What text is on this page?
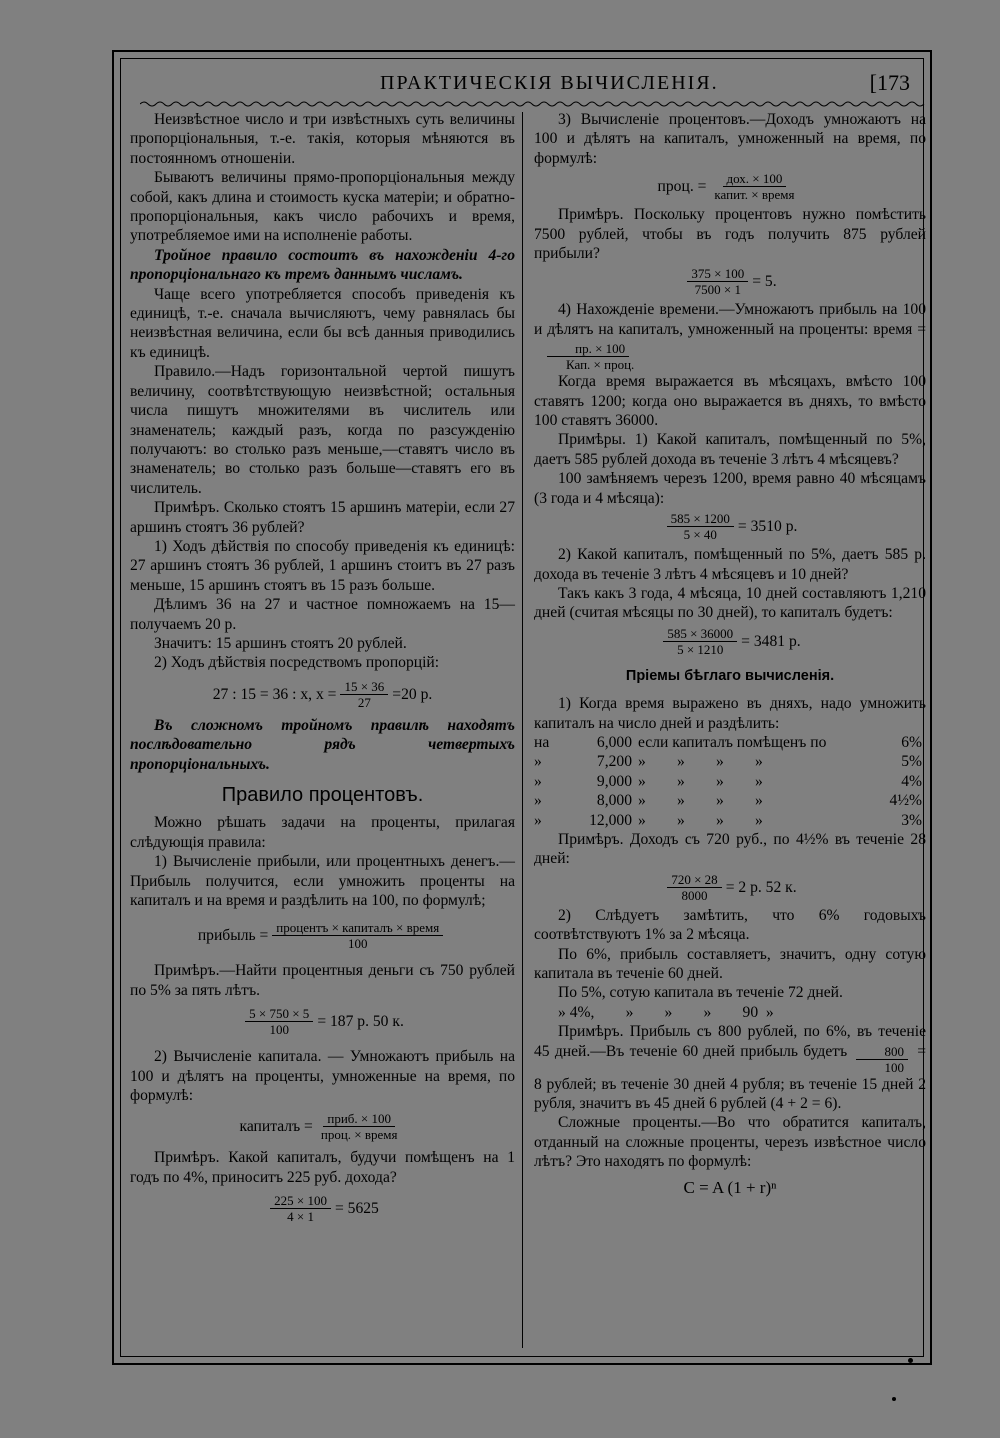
ПРАКТИЧЕСКІЯ ВЫЧИСЛЕНІЯ.	[173

Неизвѣстное число и три извѣстныхъ суть величины пропорціональныя, т.-е. такія, которыя мѣняются въ постоянномъ отношеніи.

Бываютъ величины прямо-пропорціональныя между собой, какъ длина и стоимость куска матеріи; и обратно-пропорціональныя, какъ число рабочихъ и время, употребляемое ими на исполненіе работы.

Тройное правило состоитъ въ нахожденіи 4-го пропорціональнаго къ тремъ даннымъ числамъ.

Чаще всего употребляется способъ приведенія къ единицѣ, т.-е. сначала вычисляютъ, чему равнялась бы неизвѣстная величина, если бы всѣ данныя приводились къ единицѣ.

Правило.—Надъ горизонтальной чертой пишутъ величину, соотвѣтствующую неизвѣстной; остальныя числа пишутъ множителями въ числитель или знаменатель; каждый разъ, когда по разсужденію получаютъ: во столько разъ меньше,—ставятъ число въ знаменатель; во столько разъ больше—ставятъ его въ числитель.

Примѣръ. Сколько стоятъ 15 аршинъ матеріи, если 27 аршинъ стоятъ 36 рублей?

1) Ходъ дѣйствія по способу приведенія къ единицѣ: 27 аршинъ стоятъ 36 рублей, 1 аршинъ стоитъ въ 27 разъ меньше, 15 аршинъ стоятъ въ 15 разъ больше.

Дѣлимъ 36 на 27 и частное помножаемъ на 15—получаемъ 20 р.

Значитъ: 15 аршинъ стоятъ 20 рублей.

2) Ходъ дѣйствія посредствомъ пропорцій:

27 : 15 = 36 : x, $x = \frac{15 \times 36}{27} =20$ р.

Въ сложномъ тройномъ правилѣ находятъ послѣдовательно рядъ четвертыхъ пропорціональныхъ.

Правило процентовъ.

Можно рѣшать задачи на проценты, прилагая слѣдующія правила:

1) Вычисленіе прибыли, или процентныхъ денегъ.—Прибыль получится, если умножить проценты на капиталъ и на время и раздѣлить на 100, по формулѣ;

прибыль = $\frac{\text{процентъ × капиталъ × время}}{100}$

Примѣръ.—Найти процентныя деньги съ 750 рублей по 5% за пять лѣтъ.

$\frac{5 \times 750 \times 5}{100} = 187$ р. 50 к.

2) Вычисленіе капитала. — Умножаютъ прибыль на 100 и дѣлятъ на проценты, умноженные на время, по формулѣ:

капиталъ = $\frac{\text{приб. × 100}}{\text{проц. × время}}$

Примѣръ. Какой капиталъ, будучи помѣщенъ на 1 годъ по 4%, приноситъ 225 руб. дохода?

$\frac{225 \times 100}{4 \times 1} = 5625$

3) Вычисленіе процентовъ.—Доходъ умножаютъ на 100 и дѣлятъ на капиталъ, умноженный на время, по формулѣ:

проц. = $\frac{\text{дох. × 100}}{\text{капит. × время}}$

Примѣръ. Поскольку процентовъ нужно помѣстить 7500 рублей, чтобы въ годъ получить 875 рублей прибыли?

$\frac{375 \times 100}{7500 \times 1} = 5$.

4) Нахожденіе времени.—Умножаютъ прибыль на 100 и дѣлятъ на капиталъ, умноженный на проценты: время =
$\frac{пр. \times 100}{\text{Кап. × проц.}}$

Когда время выражается въ мѣсяцахъ, вмѣсто 100 ставятъ 1200; когда оно выражается въ дняхъ, то вмѣсто 100 ставятъ 36000.

Примѣры. 1) Какой капиталъ, помѣщенный по 5%, даетъ 585 рублей дохода въ теченіе 3 лѣтъ 4 мѣсяцевъ?

100 замѣняемъ черезъ 1200, время равно 40 мѣсяцамъ (3 года и 4 мѣсяца):

$\frac{585 \times 1200}{5 \times 40} = 3510$ р.

2) Какой капиталъ, помѣщенный по 5%, даетъ 585 р. дохода въ теченіе 3 лѣтъ 4 мѣсяцевъ и 10 дней?

Такъ какъ 3 года, 4 мѣсяца, 10 дней составляютъ 1,210 дней (считая мѣсяцы по 30 дней), то капиталъ будетъ:

$\frac{585 \times 36000}{5 \times 1210} = 3481$ р.
Пріемы бѣглаго вычисленія.

1) Когда время выражено въ дняхъ, надо умножить капиталъ на число дней и раздѣлить:

на	6,000 если капиталъ помѣщенъ по	6%
»	7,200 »        »        »        »	5%
»	9,000 »        »        »        »	4%
»	8,000 »        »        »        »	4½%
»	12,000 »        »        »        »	3%

Примѣръ. Доходъ съ 720 руб., по 4½% въ теченіе 28 дней:

$\frac{720 \times 28}{8000} = 2$ р. 52 к.

2) Слѣдуетъ замѣтить, что 6% годовыхъ соотвѣтствуютъ 1% за 2 мѣсяца.

По 6%, прибыль составляетъ, значитъ, одну сотую капитала въ теченіе 60 дней.

По 5%, сотую капитала въ теченіе 72 дней.

» 4%,        »        »        »        90  »

Примѣръ. Прибыль съ 800 рублей, по 6%, въ теченіе 45 дней.—Въ теченіе 60 дней прибыль будетъ $\frac{800}{100} = 8$ рублей; въ теченіе 30 дней 4 рубля; въ теченіе 15 дней 2 рубля, значитъ въ 45 дней 6 рублей (4 + 2 = 6).

Сложные проценты.—Во что обратится капиталъ, отданный на сложные проценты, черезъ извѣстное число лѣтъ? Это находятъ по формулѣ:

C = A (1 + r)ⁿ
